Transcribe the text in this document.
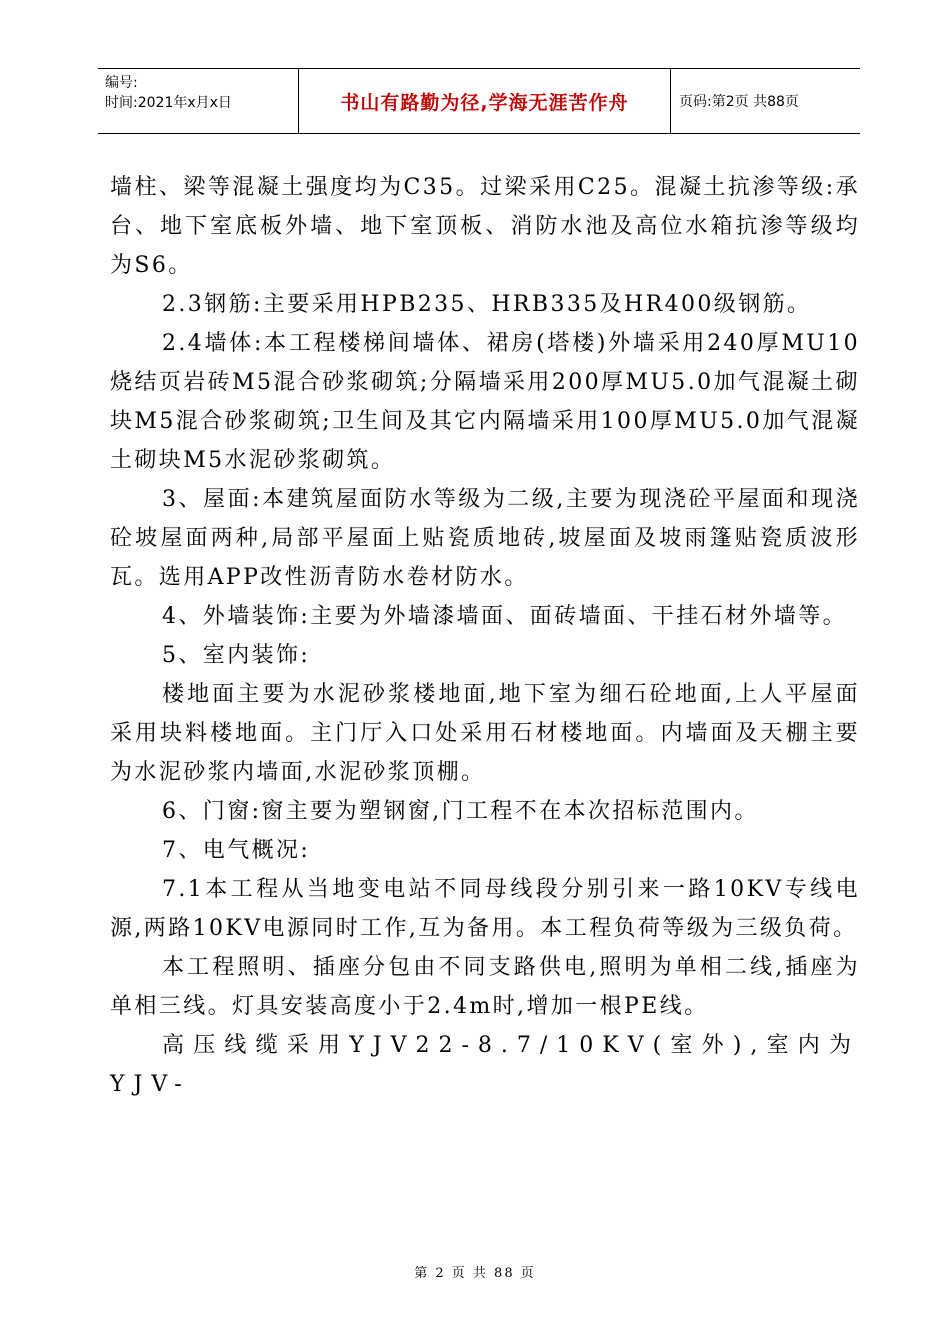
编号:
时间:2021年x月x日	书山有路勤为径,学海无涯苦作舟	页码:第2页 共88页

墙柱、梁等混凝土强度均为C35。过梁采用C25。混凝土抗渗等级:承台、地下室底板外墙、地下室顶板、消防水池及高位水箱抗渗等级均为S6。

2.3钢筋:主要采用HPB235、HRB335及HR400级钢筋。

2.4墙体:本工程楼梯间墙体、裙房(塔楼)外墙采用240厚MU10烧结页岩砖M5混合砂浆砌筑;分隔墙采用200厚MU5.0加气混凝土砌块M5混合砂浆砌筑;卫生间及其它内隔墙采用100厚MU5.0加气混凝土砌块M5水泥砂浆砌筑。

3、屋面:本建筑屋面防水等级为二级,主要为现浇砼平屋面和现浇砼坡屋面两种,局部平屋面上贴瓷质地砖,坡屋面及坡雨篷贴瓷质波形瓦。选用APP改性沥青防水卷材防水。

4、外墙装饰:主要为外墙漆墙面、面砖墙面、干挂石材外墙等。

5、室内装饰:

楼地面主要为水泥砂浆楼地面,地下室为细石砼地面,上人平屋面采用块料楼地面。主门厅入口处采用石材楼地面。内墙面及天棚主要为水泥砂浆内墙面,水泥砂浆顶棚。

6、门窗:窗主要为塑钢窗,门工程不在本次招标范围内。

7、电气概况:

7.1本工程从当地变电站不同母线段分别引来一路10KV专线电源,两路10KV电源同时工作,互为备用。本工程负荷等级为三级负荷。

本工程照明、插座分包由不同支路供电,照明为单相二线,插座为单相三线。灯具安装高度小于2.4m时,增加一根PE线。

高压线缆采用YJV22-8.7/10KV(室外),室内为YJV-

第 2 页 共 88 页
